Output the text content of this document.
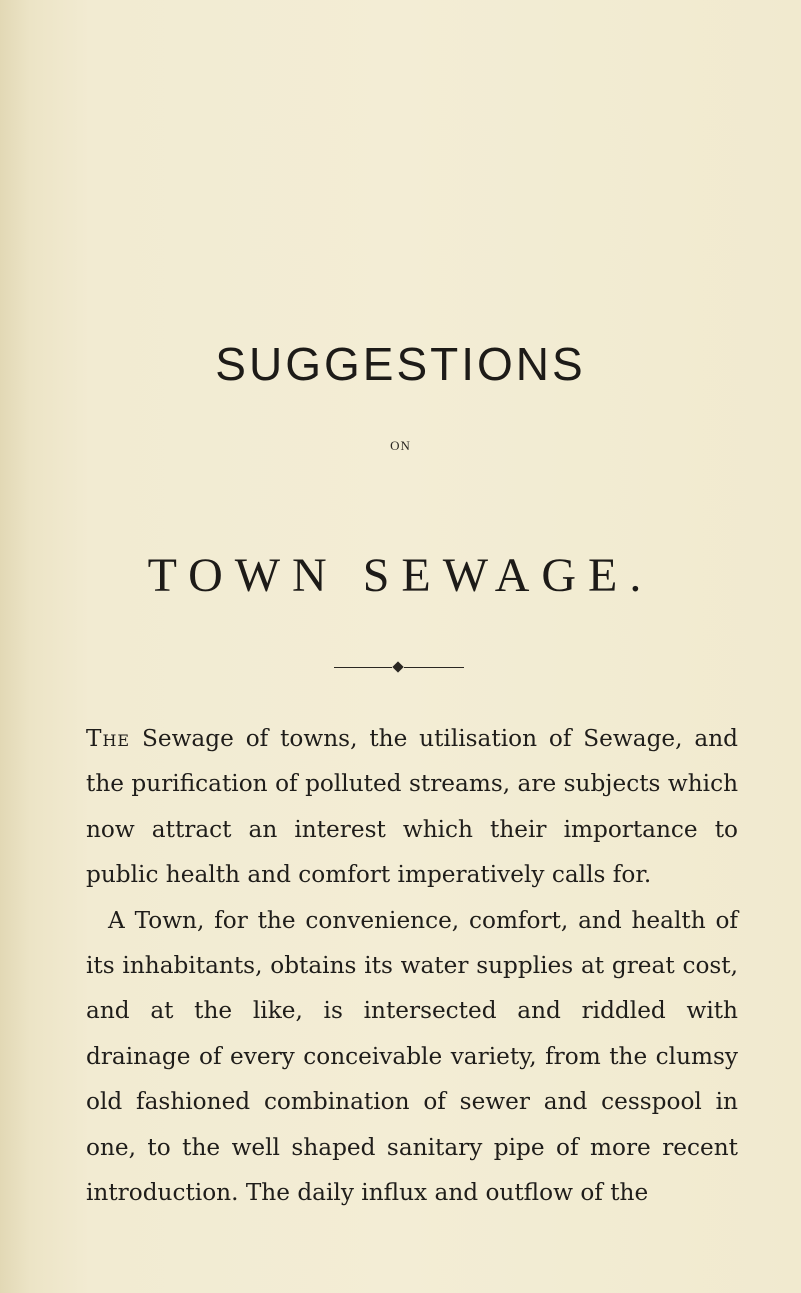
SUGGESTIONS
ON
TOWN SEWAGE.

The Sewage of towns, the utilisation of Sewage, and the purification of polluted streams, are subjects which now attract an interest which their importance to public health and comfort imperatively calls for.

A Town, for the convenience, comfort, and health of its inhabitants, obtains its water supplies at great cost, and at the like, is intersected and riddled with drainage of every conceivable variety, from the clumsy old fashioned combination of sewer and cesspool in one, to the well shaped sanitary pipe of more recent introduction. The daily influx and outflow of the
